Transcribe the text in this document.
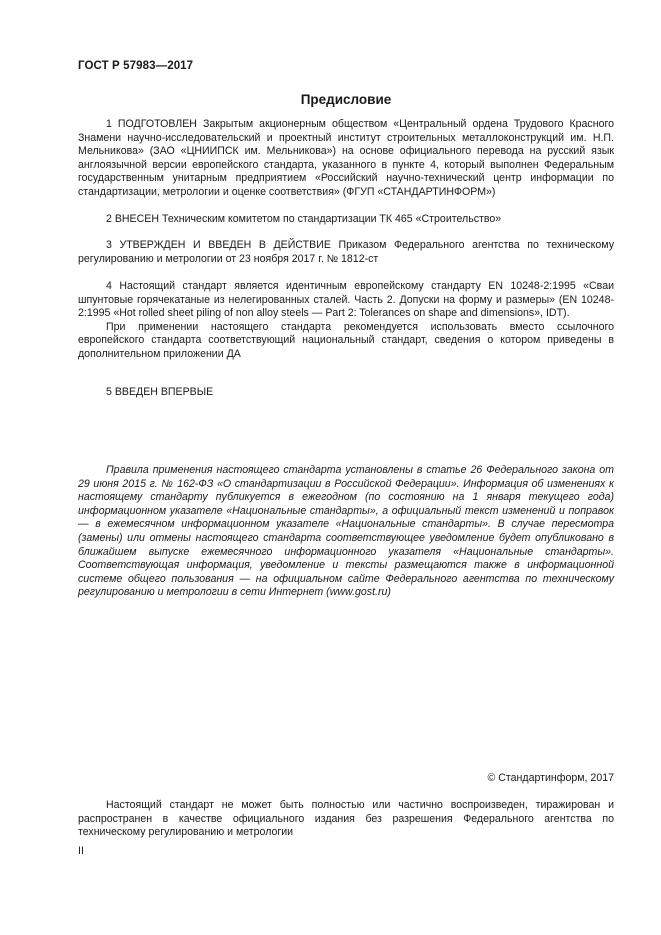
ГОСТ Р 57983—2017
Предисловие

1 ПОДГОТОВЛЕН Закрытым акционерным обществом «Центральный ордена Трудового Красного Знамени научно-исследовательский и проектный институт строительных металлоконструкций им. Н.П. Мельникова» (ЗАО «ЦНИИПСК им. Мельникова») на основе официального перевода на русский язык англоязычной версии европейского стандарта, указанного в пункте 4, который выполнен Федеральным государственным унитарным предприятием «Российский научно-технический центр информации по стандартизации, метрологии и оценке соответствия» (ФГУП «СТАНДАРТИНФОРМ»)

2 ВНЕСЕН Техническим комитетом по стандартизации ТК 465 «Строительство»

3 УТВЕРЖДЕН И ВВЕДЕН В ДЕЙСТВИЕ Приказом Федерального агентства по техническому регулированию и метрологии от 23 ноября 2017 г. № 1812-ст

4 Настоящий стандарт является идентичным европейскому стандарту EN 10248-2:1995 «Сваи шпунтовые горячекатаные из нелегированных сталей. Часть 2. Допуски на форму и размеры» (EN 10248-2:1995 «Hot rolled sheet piling of non alloy steels — Part 2: Tolerances on shape and dimensions», IDT).

При применении настоящего стандарта рекомендуется использовать вместо ссылочного европейского стандарта соответствующий национальный стандарт, сведения о котором приведены в дополнительном приложении ДА

5 ВВЕДЕН ВПЕРВЫЕ

Правила применения настоящего стандарта установлены в статье 26 Федерального закона от 29 июня 2015 г. № 162-ФЗ «О стандартизации в Российской Федерации». Информация об изменениях к настоящему стандарту публикуется в ежегодном (по состоянию на 1 января текущего года) информационном указателе «Национальные стандарты», а официальный текст изменений и поправок — в ежемесячном информационном указателе «Национальные стандарты». В случае пересмотра (замены) или отмены настоящего стандарта соответствующее уведомление будет опубликовано в ближайшем выпуске ежемесячного информационного указателя «Национальные стандарты». Соответствующая информация, уведомление и тексты размещаются также в информационной системе общего пользования — на официальном сайте Федерального агентства по техническому регулированию и метрологии в сети Интернет (www.gost.ru)

© Стандартинформ, 2017

Настоящий стандарт не может быть полностью или частично воспроизведен, тиражирован и распространен в качестве официального издания без разрешения Федерального агентства по техническому регулированию и метрологии

II
